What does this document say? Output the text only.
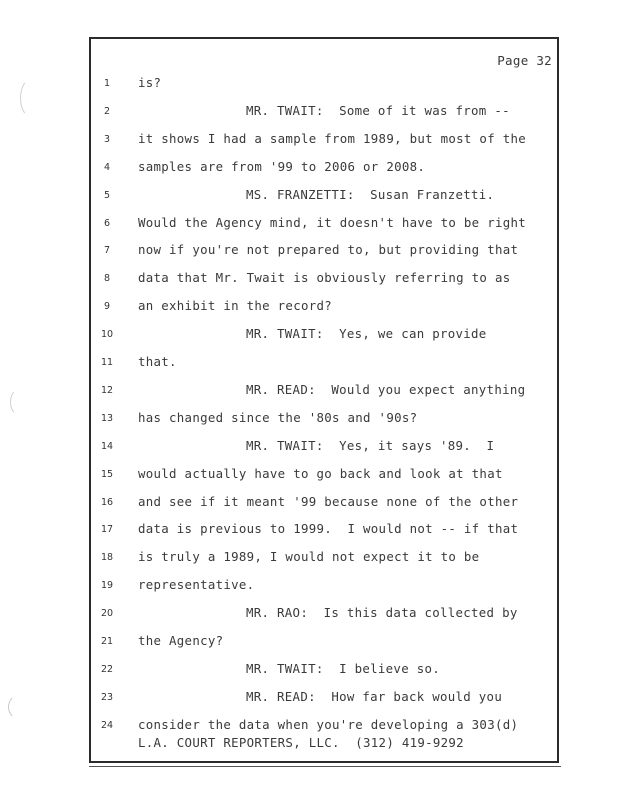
Page 32
1	is?
2	MR. TWAIT:  Some of it was from --
3	it shows I had a sample from 1989, but most of the
4	samples are from '99 to 2006 or 2008.
5	MS. FRANZETTI:  Susan Franzetti.
6	Would the Agency mind, it doesn't have to be right
7	now if you're not prepared to, but providing that
8	data that Mr. Twait is obviously referring to as
9	an exhibit in the record?
10	MR. TWAIT:  Yes, we can provide
11	that.
12	MR. READ:  Would you expect anything
13	has changed since the '80s and '90s?
14	MR. TWAIT:  Yes, it says '89.  I
15	would actually have to go back and look at that
16	and see if it meant '99 because none of the other
17	data is previous to 1999.  I would not -- if that
18	is truly a 1989, I would not expect it to be
19	representative.
20	MR. RAO:  Is this data collected by
21	the Agency?
22	MR. TWAIT:  I believe so.
23	MR. READ:  How far back would you
24	consider the data when you're developing a 303(d)
L.A. COURT REPORTERS, LLC.  (312) 419-9292
